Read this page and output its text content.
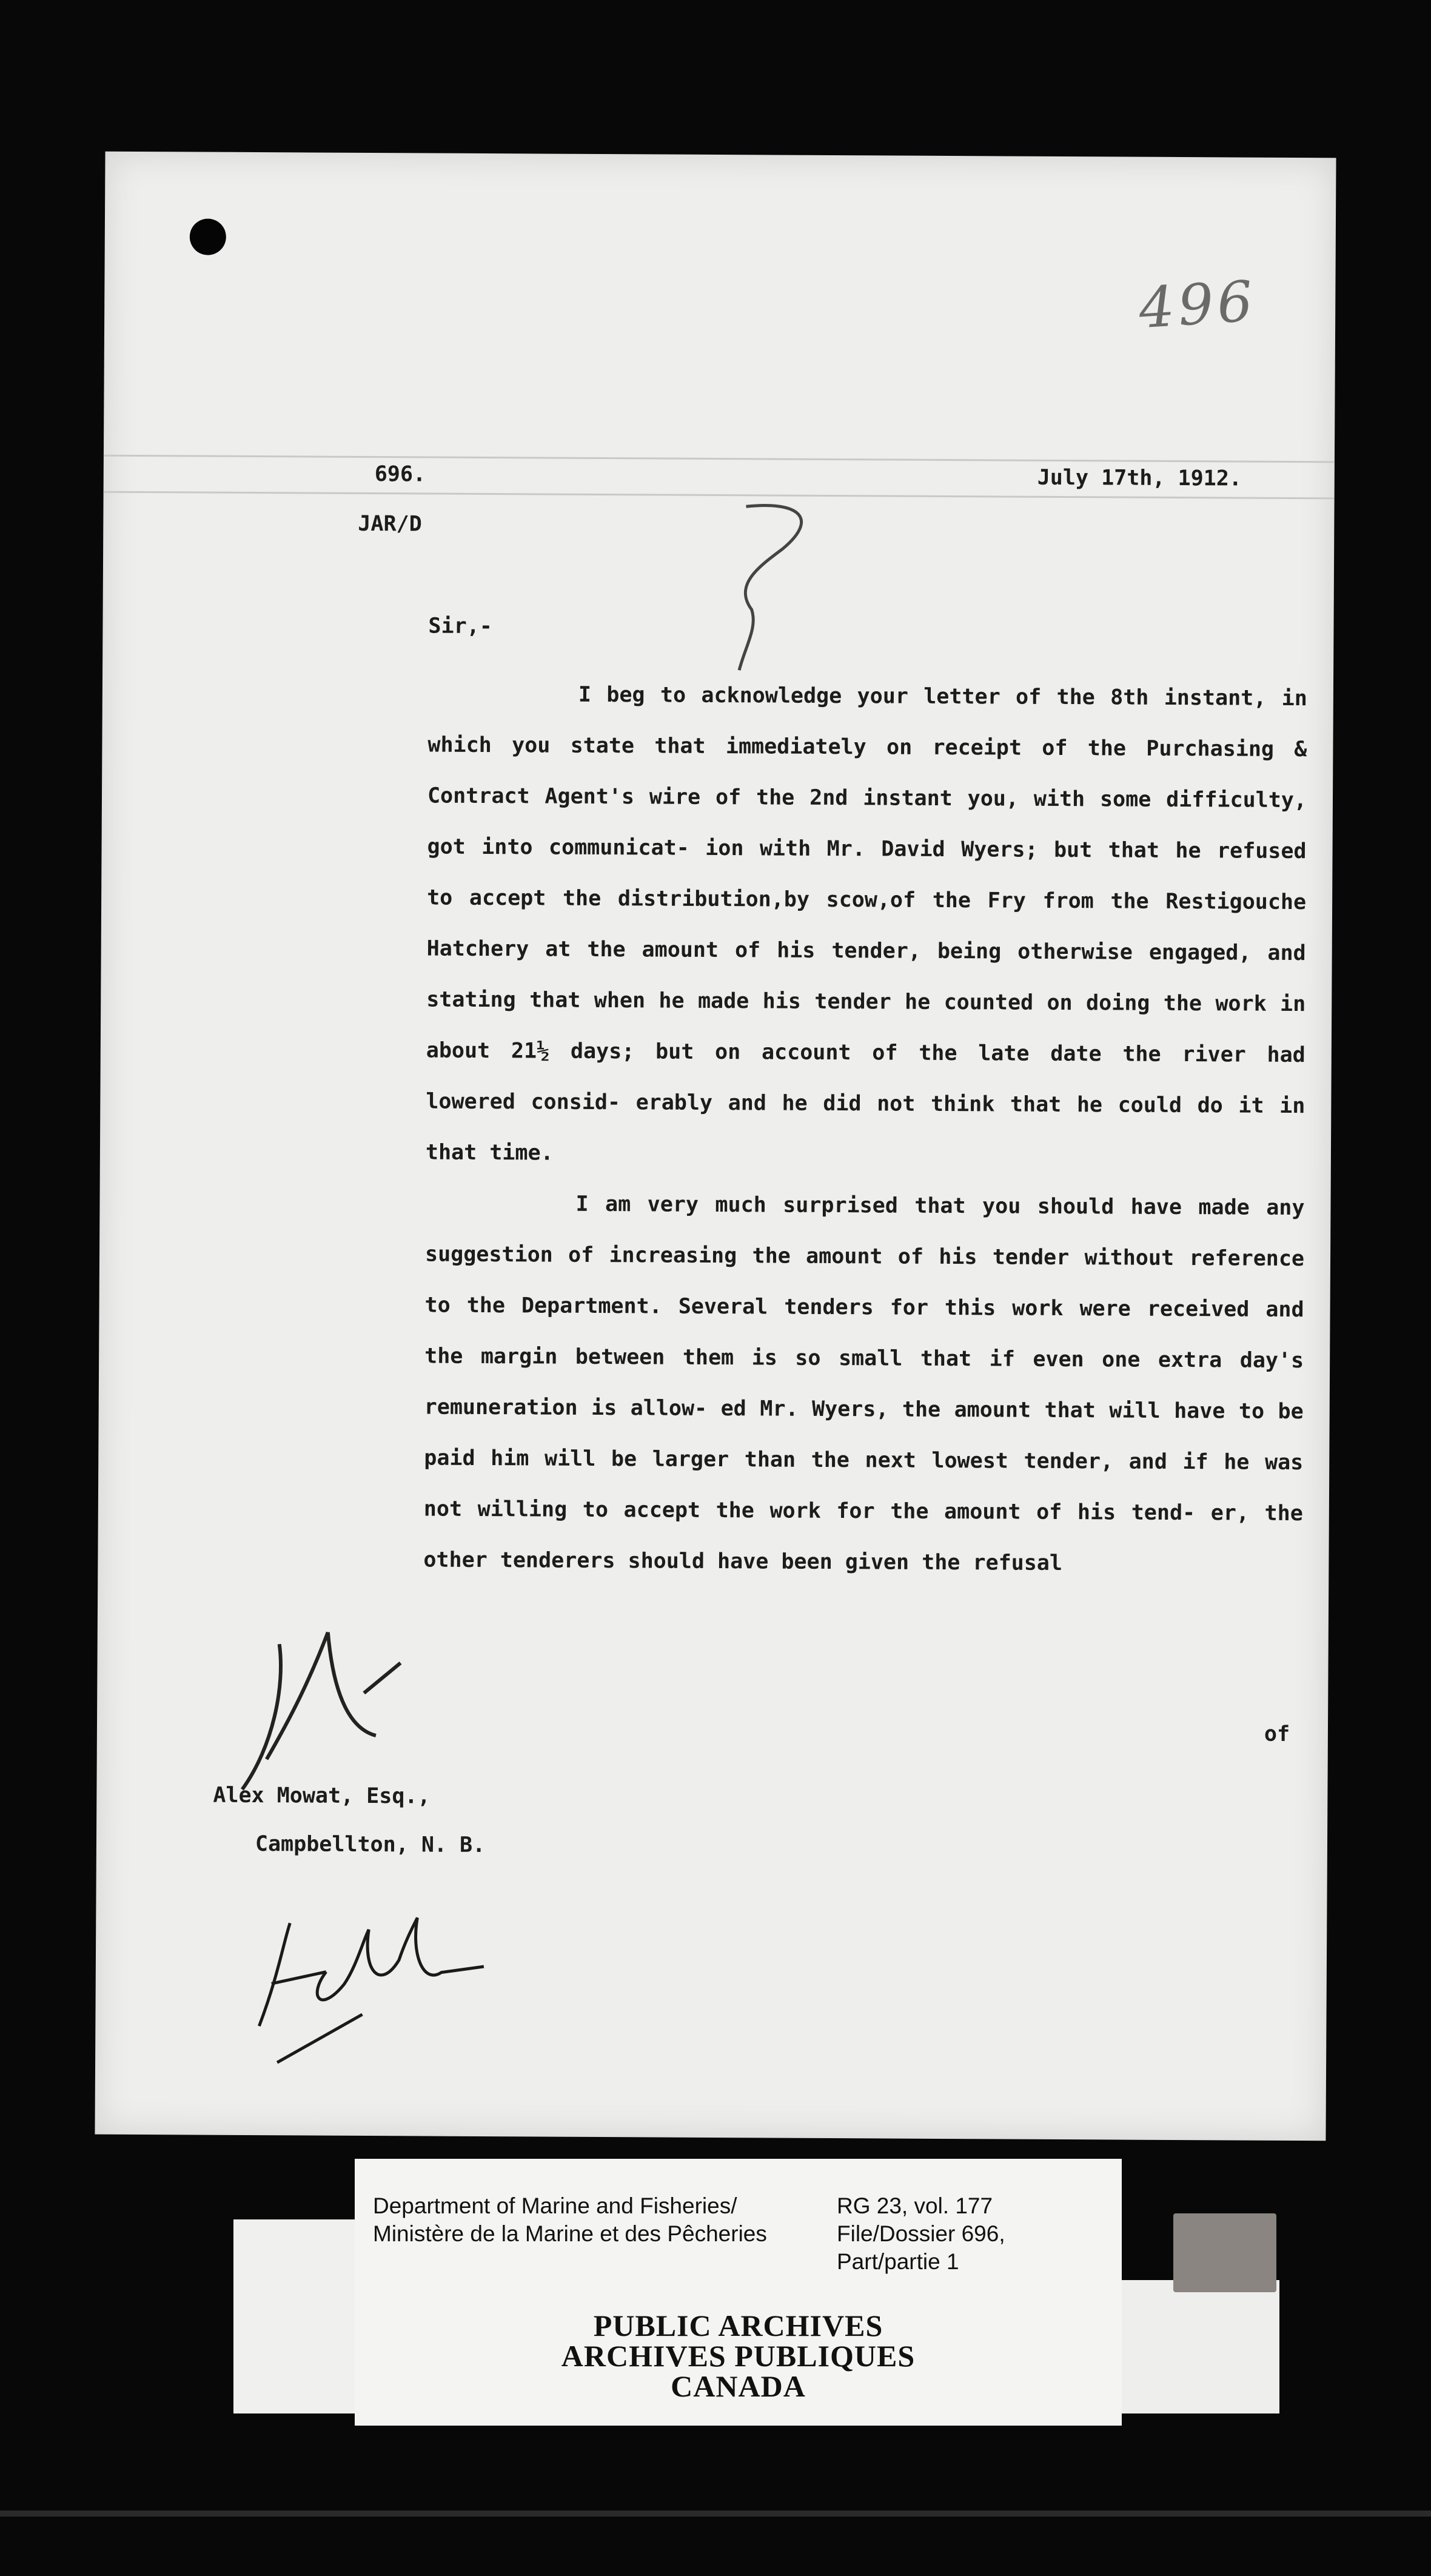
496
696.
JAR/D
July 17th, 1912.
Sir,-

I beg to acknowledge your letter of the 8th instant, in which you state that immediately on receipt of the Purchasing & Contract Agent's wire of the 2nd instant you, with some difficulty, got into communicat- ion with Mr. David Wyers; but that he refused to accept the distribution,by scow,of the Fry from the Restigouche Hatchery at the amount of his tender, being otherwise engaged, and stating that when he made his tender he counted on doing the work in about 21½ days; but on account of the late date the river had lowered consid- erably and he did not think that he could do it in that time.

I am very much surprised that you should have made any suggestion of increasing the amount of his tender without reference to the Department. Several tenders for this work were received and the margin between them is so small that if even one extra day's remuneration is allow- ed Mr. Wyers, the amount that will have to be paid him will be larger than the next lowest tender, and if he was not willing to accept the work for the amount of his tend- er, the other tenderers should have been given the refusal

of
Alex Mowat, Esq.,
Campbellton, N. B.
Department of Marine and Fisheries/
Ministère de la Marine et des Pêcheries
RG 23, vol. 177
File/Dossier 696,
Part/partie 1
PUBLIC ARCHIVES
ARCHIVES PUBLIQUES
CANADA
